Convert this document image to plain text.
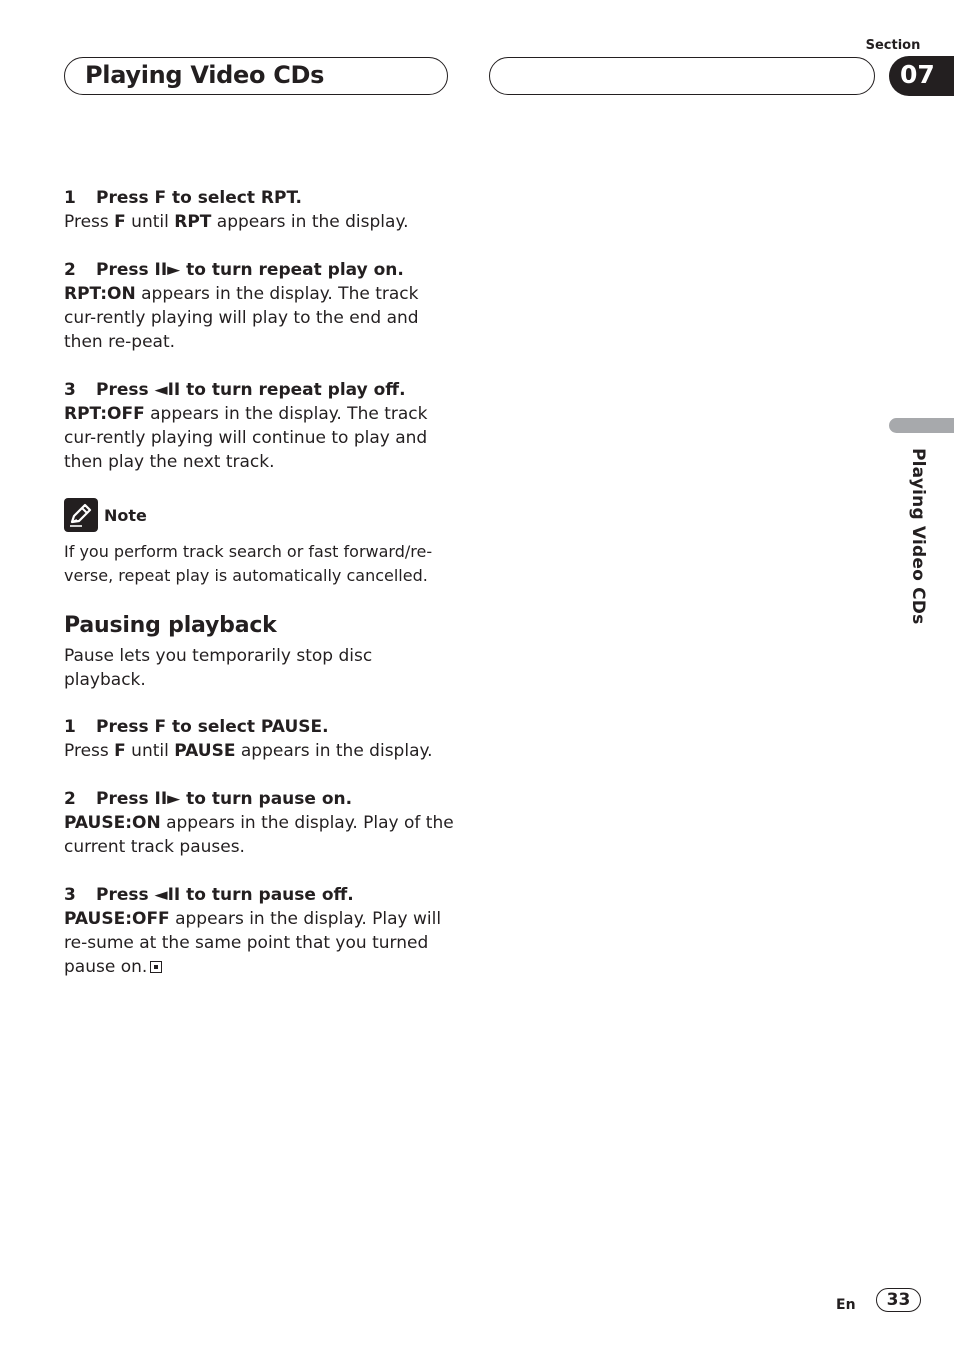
Section
Playing Video CDs	07
Playing Video CDs

1 Press F to select RPT.

Press F until RPT appears in the display.

2 Press II► to turn repeat play on.

RPT:ON appears in the display. The track cur-rently playing will play to the end and then re-peat.

3 Press ◄II to turn repeat play off.

RPT:OFF appears in the display. The track cur-rently playing will continue to play and then play the next track.

Note

If you perform track search or fast forward/re-verse, repeat play is automatically cancelled.

Pausing playback

Pause lets you temporarily stop disc playback.

1 Press F to select PAUSE.

Press F until PAUSE appears in the display.

2 Press II► to turn pause on.

PAUSE:ON appears in the display. Play of the current track pauses.

3 Press ◄II to turn pause off.

PAUSE:OFF appears in the display. Play will re-sume at the same point that you turned pause on.

En	33
